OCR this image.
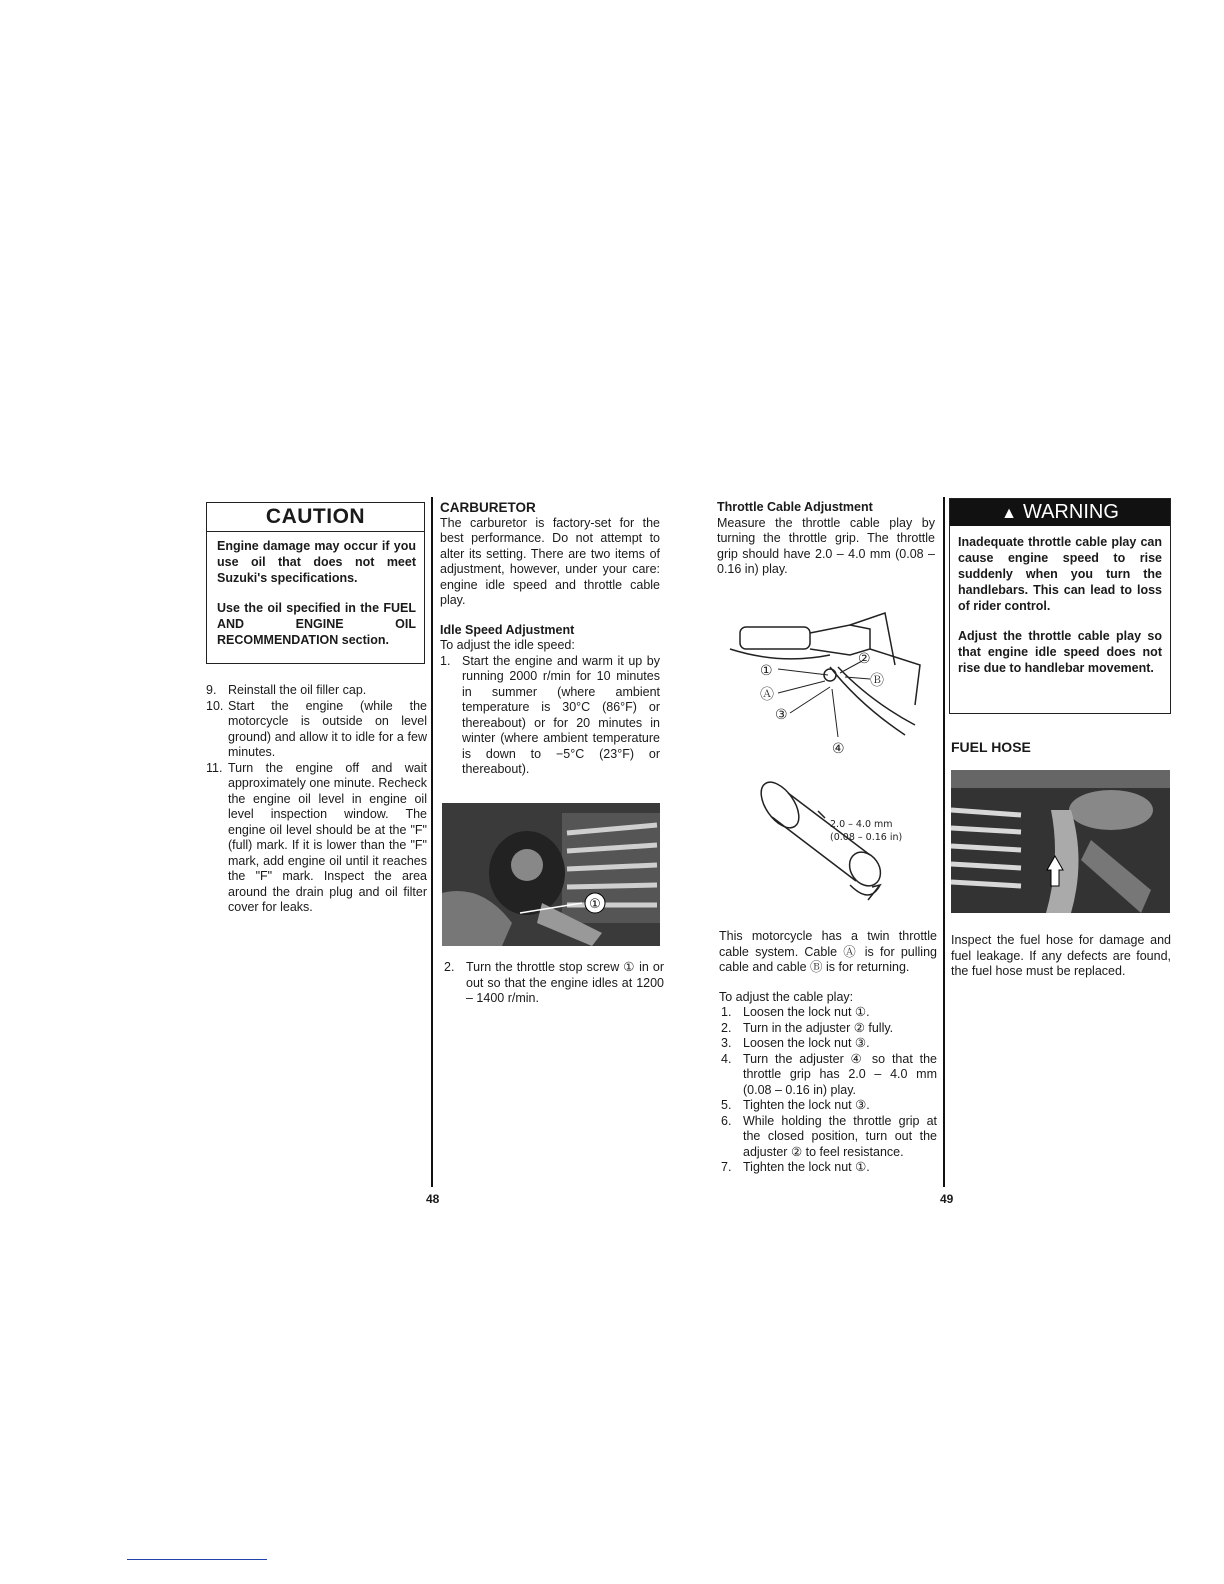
CAUTION

Engine damage may occur if you use oil that does not meet Suzuki's specifications.

Use the oil specified in the FUEL AND ENGINE OIL RECOMMENDATION section.

9. Reinstall the oil filler cap.
10. Start the engine (while the motorcycle is outside on level ground) and allow it to idle for a few minutes.
11. Turn the engine off and wait approximately one minute. Recheck the engine oil level in engine oil level inspection window. The engine oil level should be at the "F" (full) mark. If it is lower than the "F" mark, add engine oil until it reaches the "F" mark. Inspect the area around the drain plug and oil filter cover for leaks.
48
CARBURETOR

The carburetor is factory-set for the best performance. Do not attempt to alter its setting. There are two items of adjustment, however, under your care: engine idle speed and throttle cable play.

Idle Speed Adjustment

To adjust the idle speed:

1. Start the engine and warm it up by running 2000 r/min for 10 minutes in summer (where ambient temperature is 30°C (86°F) or thereabout) or for 20 minutes in winter (where ambient temperature is down to −5°C (23°F) or thereabout).
①
2. Turn the throttle stop screw ① in or out so that the engine idles at 1200 – 1400 r/min.
Throttle Cable Adjustment

Measure the throttle cable play by turning the throttle grip. The throttle grip should have 2.0 – 4.0 mm (0.08 – 0.16 in) play.

①
Ⓐ
③
④
②
Ⓑ
2.0 – 4.0 mm
(0.08 – 0.16 in)

This motorcycle has a twin throttle cable system. Cable Ⓐ is for pulling cable and cable Ⓑ is for returning.

To adjust the cable play:

1. Loosen the lock nut ①.
2. Turn in the adjuster ② fully.
3. Loosen the lock nut ③.
4. Turn the adjuster ④ so that the throttle grip has 2.0 – 4.0 mm (0.08 – 0.16 in) play.
5. Tighten the lock nut ③.
6. While holding the throttle grip at the closed position, turn out the adjuster ② to feel resistance.
7. Tighten the lock nut ①.
49
▲ WARNING

Inadequate throttle cable play can cause engine speed to rise suddenly when you turn the handlebars. This can lead to loss of rider control.

Adjust the throttle cable play so that engine idle speed does not rise due to handlebar movement.

FUEL HOSE

Inspect the fuel hose for damage and fuel leakage. If any defects are found, the fuel hose must be replaced.
